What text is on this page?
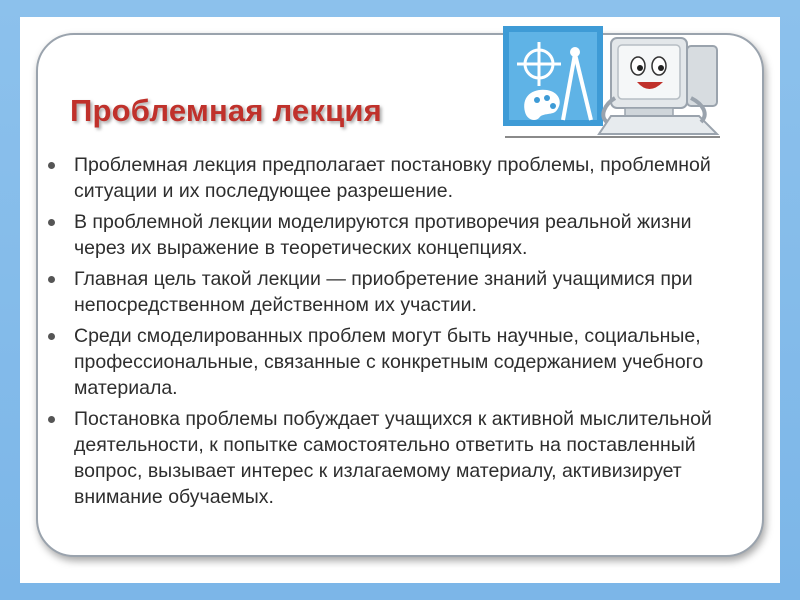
Проблемная лекция
Проблемная лекция предполагает постановку проблемы, проблемной ситуации и их последующее разрешение.
В проблемной лекции моделируются противоречия реальной жизни через их выражение в теоретических концепциях.
Главная цель такой лекции — приобретение знаний учащимися при непосредственном действенном их участии.
Среди смоделированных проблем могут быть научные, социальные, профессиональные, связанные с конкретным содержанием учебного материала.
Постановка проблемы побуждает учащихся к активной мыслительной деятельности, к попытке самостоятельно ответить на поставленный вопрос, вызывает интерес к излагаемому материалу, активизирует внимание обучаемых.
